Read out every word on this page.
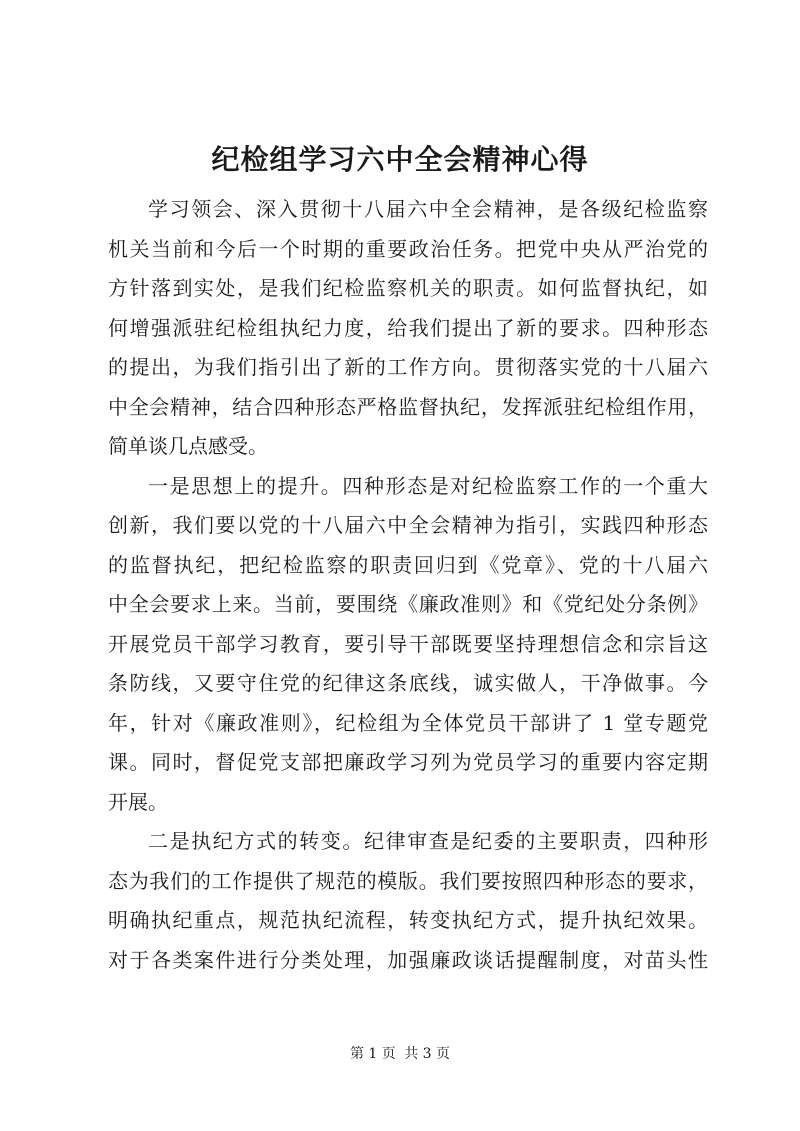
纪检组学习六中全会精神心得
学习领会、深入贯彻十八届六中全会精神，是各级纪检监察
机关当前和今后一个时期的重要政治任务。把党中央从严治党的
方针落到实处，是我们纪检监察机关的职责。如何监督执纪，如
何增强派驻纪检组执纪力度，给我们提出了新的要求。四种形态
的提出，为我们指引出了新的工作方向。贯彻落实党的十八届六
中全会精神，结合四种形态严格监督执纪，发挥派驻纪检组作用，
简单谈几点感受。
一是思想上的提升。四种形态是对纪检监察工作的一个重大
创新，我们要以党的十八届六中全会精神为指引，实践四种形态
的监督执纪，把纪检监察的职责回归到《党章》、党的十八届六
中全会要求上来。当前，要围绕《廉政准则》和《党纪处分条例》
开展党员干部学习教育，要引导干部既要坚持理想信念和宗旨这
条防线，又要守住党的纪律这条底线，诚实做人，干净做事。今
年，针对《廉政准则》，纪检组为全体党员干部讲了 1 堂专题党
课。同时，督促党支部把廉政学习列为党员学习的重要内容定期
开展。
二是执纪方式的转变。纪律审查是纪委的主要职责，四种形
态为我们的工作提供了规范的模版。我们要按照四种形态的要求，
明确执纪重点，规范执纪流程，转变执纪方式，提升执纪效果。
对于各类案件进行分类处理，加强廉政谈话提醒制度，对苗头性
第 1 页 共 3 页
